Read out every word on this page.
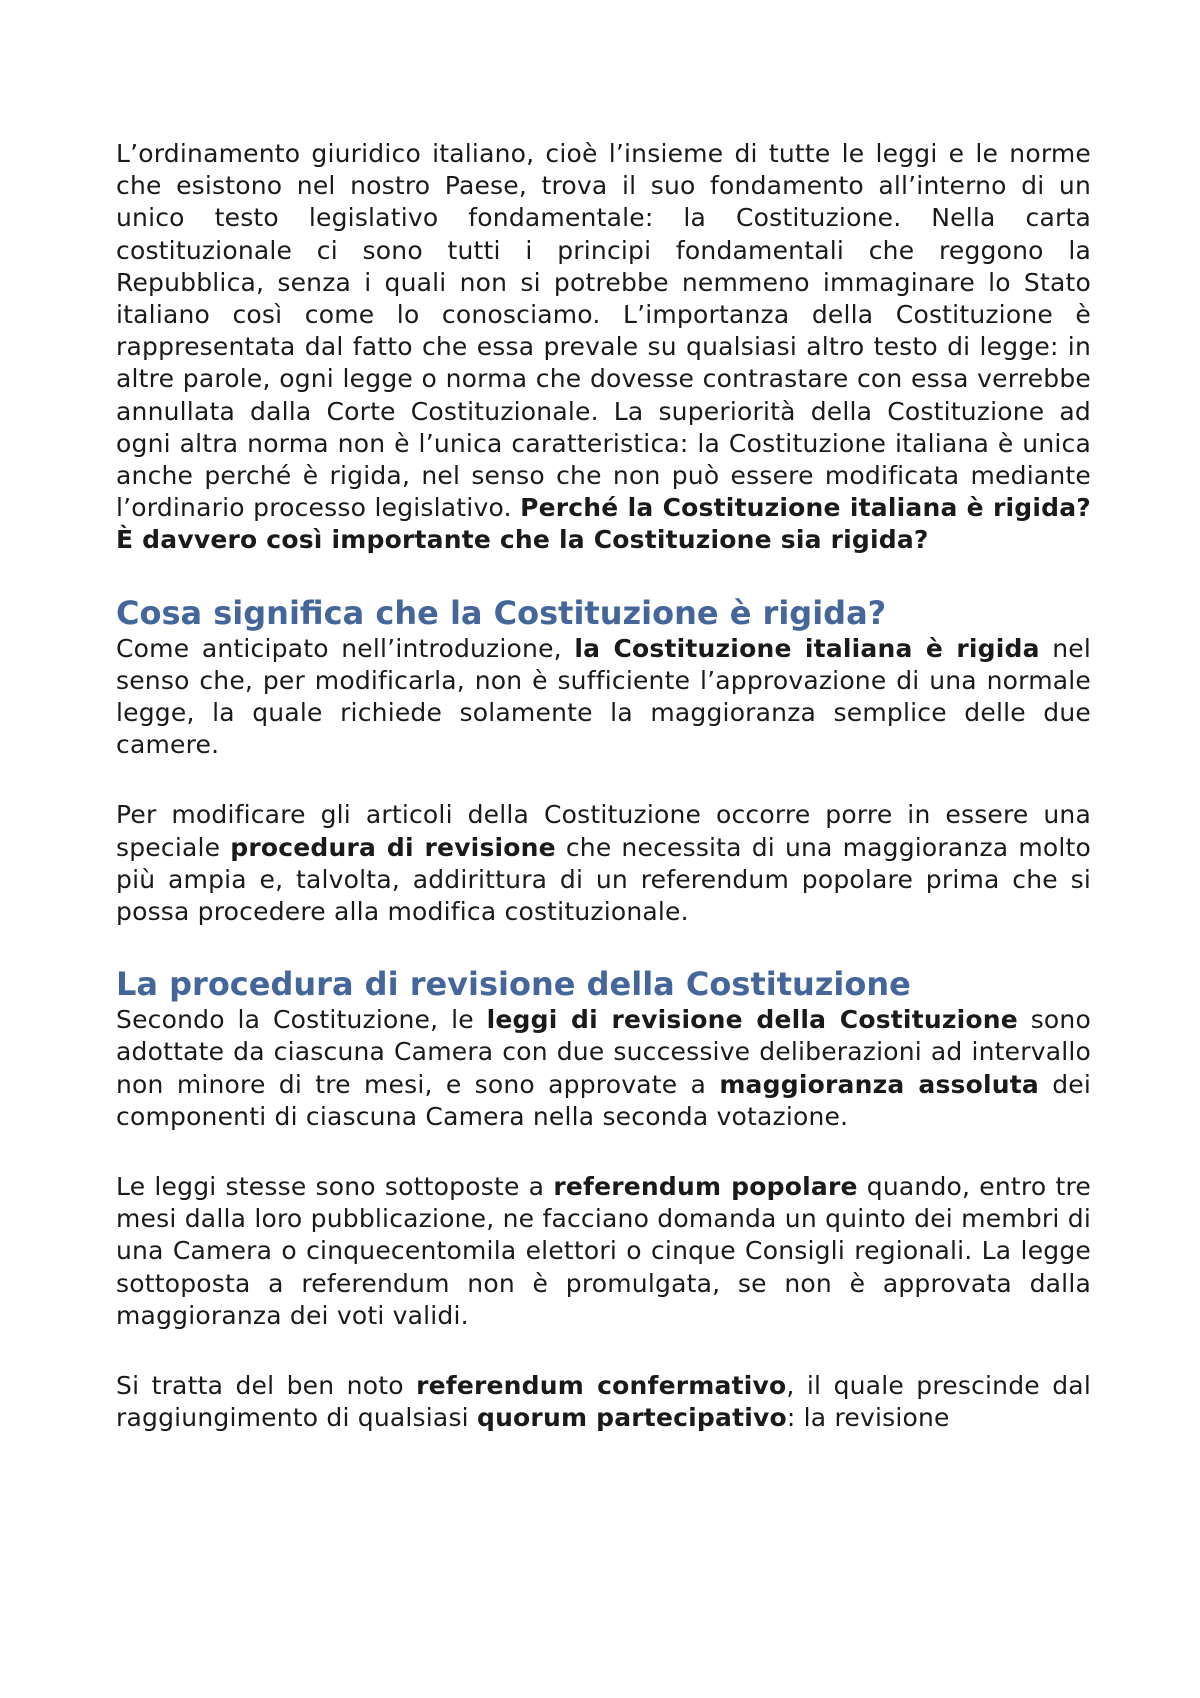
L’ordinamento giuridico italiano, cioè l’insieme di tutte le leggi e le norme che esistono nel nostro Paese, trova il suo fondamento all’interno di un unico testo legislativo fondamentale: la Costituzione. Nella carta costituzionale ci sono tutti i principi fondamentali che reggono la Repubblica, senza i quali non si potrebbe nemmeno immaginare lo Stato italiano così come lo conosciamo. L’importanza della Costituzione è rappresentata dal fatto che essa prevale su qualsiasi altro testo di legge: in altre parole, ogni legge o norma che dovesse contrastare con essa verrebbe annullata dalla Corte Costituzionale. La superiorità della Costituzione ad ogni altra norma non è l’unica caratteristica: la Costituzione italiana è unica anche perché è rigida, nel senso che non può essere modificata mediante l’ordinario processo legislativo. Perché la Costituzione italiana è rigida? È davvero così importante che la Costituzione sia rigida?

Cosa significa che la Costituzione è rigida?

Come anticipato nell’introduzione, la Costituzione italiana è rigida nel senso che, per modificarla, non è sufficiente l’approvazione di una normale legge, la quale richiede solamente la maggioranza semplice delle due camere.

Per modificare gli articoli della Costituzione occorre porre in essere una speciale procedura di revisione che necessita di una maggioranza molto più ampia e, talvolta, addirittura di un referendum popolare prima che si possa procedere alla modifica costituzionale.

La procedura di revisione della Costituzione

Secondo la Costituzione, le leggi di revisione della Costituzione sono adottate da ciascuna Camera con due successive deliberazioni ad intervallo non minore di tre mesi, e sono approvate a maggioranza assoluta dei componenti di ciascuna Camera nella seconda votazione.

Le leggi stesse sono sottoposte a referendum popolare quando, entro tre mesi dalla loro pubblicazione, ne facciano domanda un quinto dei membri di una Camera o cinquecentomila elettori o cinque Consigli regionali. La legge sottoposta a referendum non è promulgata, se non è approvata dalla maggioranza dei voti validi.

Si tratta del ben noto referendum confermativo, il quale prescinde dal raggiungimento di qualsiasi quorum partecipativo: la revisione
